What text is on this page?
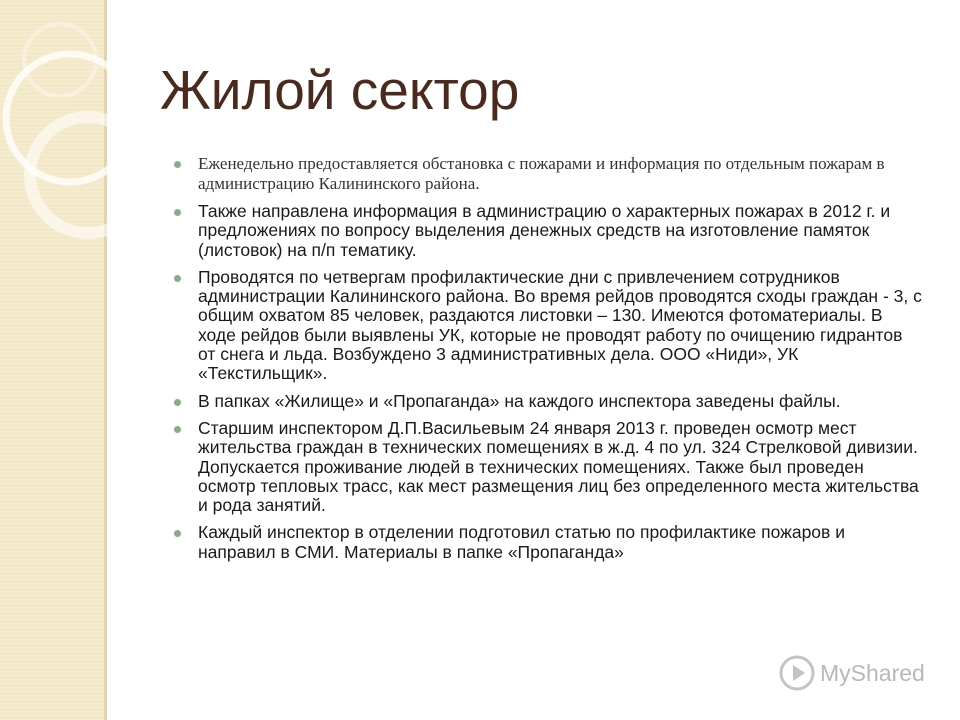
Жилой сектор
Еженедельно предоставляется обстановка с пожарами и информация по отдельным пожарам в администрацию Калининского района.
Также направлена информация в администрацию о характерных пожарах в 2012 г. и предложениях по вопросу выделения денежных средств на изготовление памяток (листовок) на п/п тематику.
Проводятся по четвергам профилактические дни с привлечением сотрудников администрации Калининского района. Во время рейдов проводятся сходы граждан - 3, с общим охватом 85 человек, раздаются листовки – 130. Имеются фотоматериалы. В ходе рейдов были выявлены УК, которые не проводят работу по очищению гидрантов от снега и льда. Возбуждено 3 административных дела. ООО «Ниди», УК «Текстильщик».
В папках «Жилище» и «Пропаганда» на каждого инспектора заведены файлы.
Старшим инспектором Д.П.Васильевым 24 января 2013 г. проведен осмотр мест жительства граждан в технических помещениях в ж.д. 4 по ул. 324 Стрелковой дивизии. Допускается проживание людей в технических помещениях. Также был проведен осмотр тепловых трасс, как мест размещения лиц без определенного места жительства и рода занятий.
Каждый инспектор в отделении подготовил статью по профилактике пожаров и направил в СМИ. Материалы в папке «Пропаганда»
MyShared
